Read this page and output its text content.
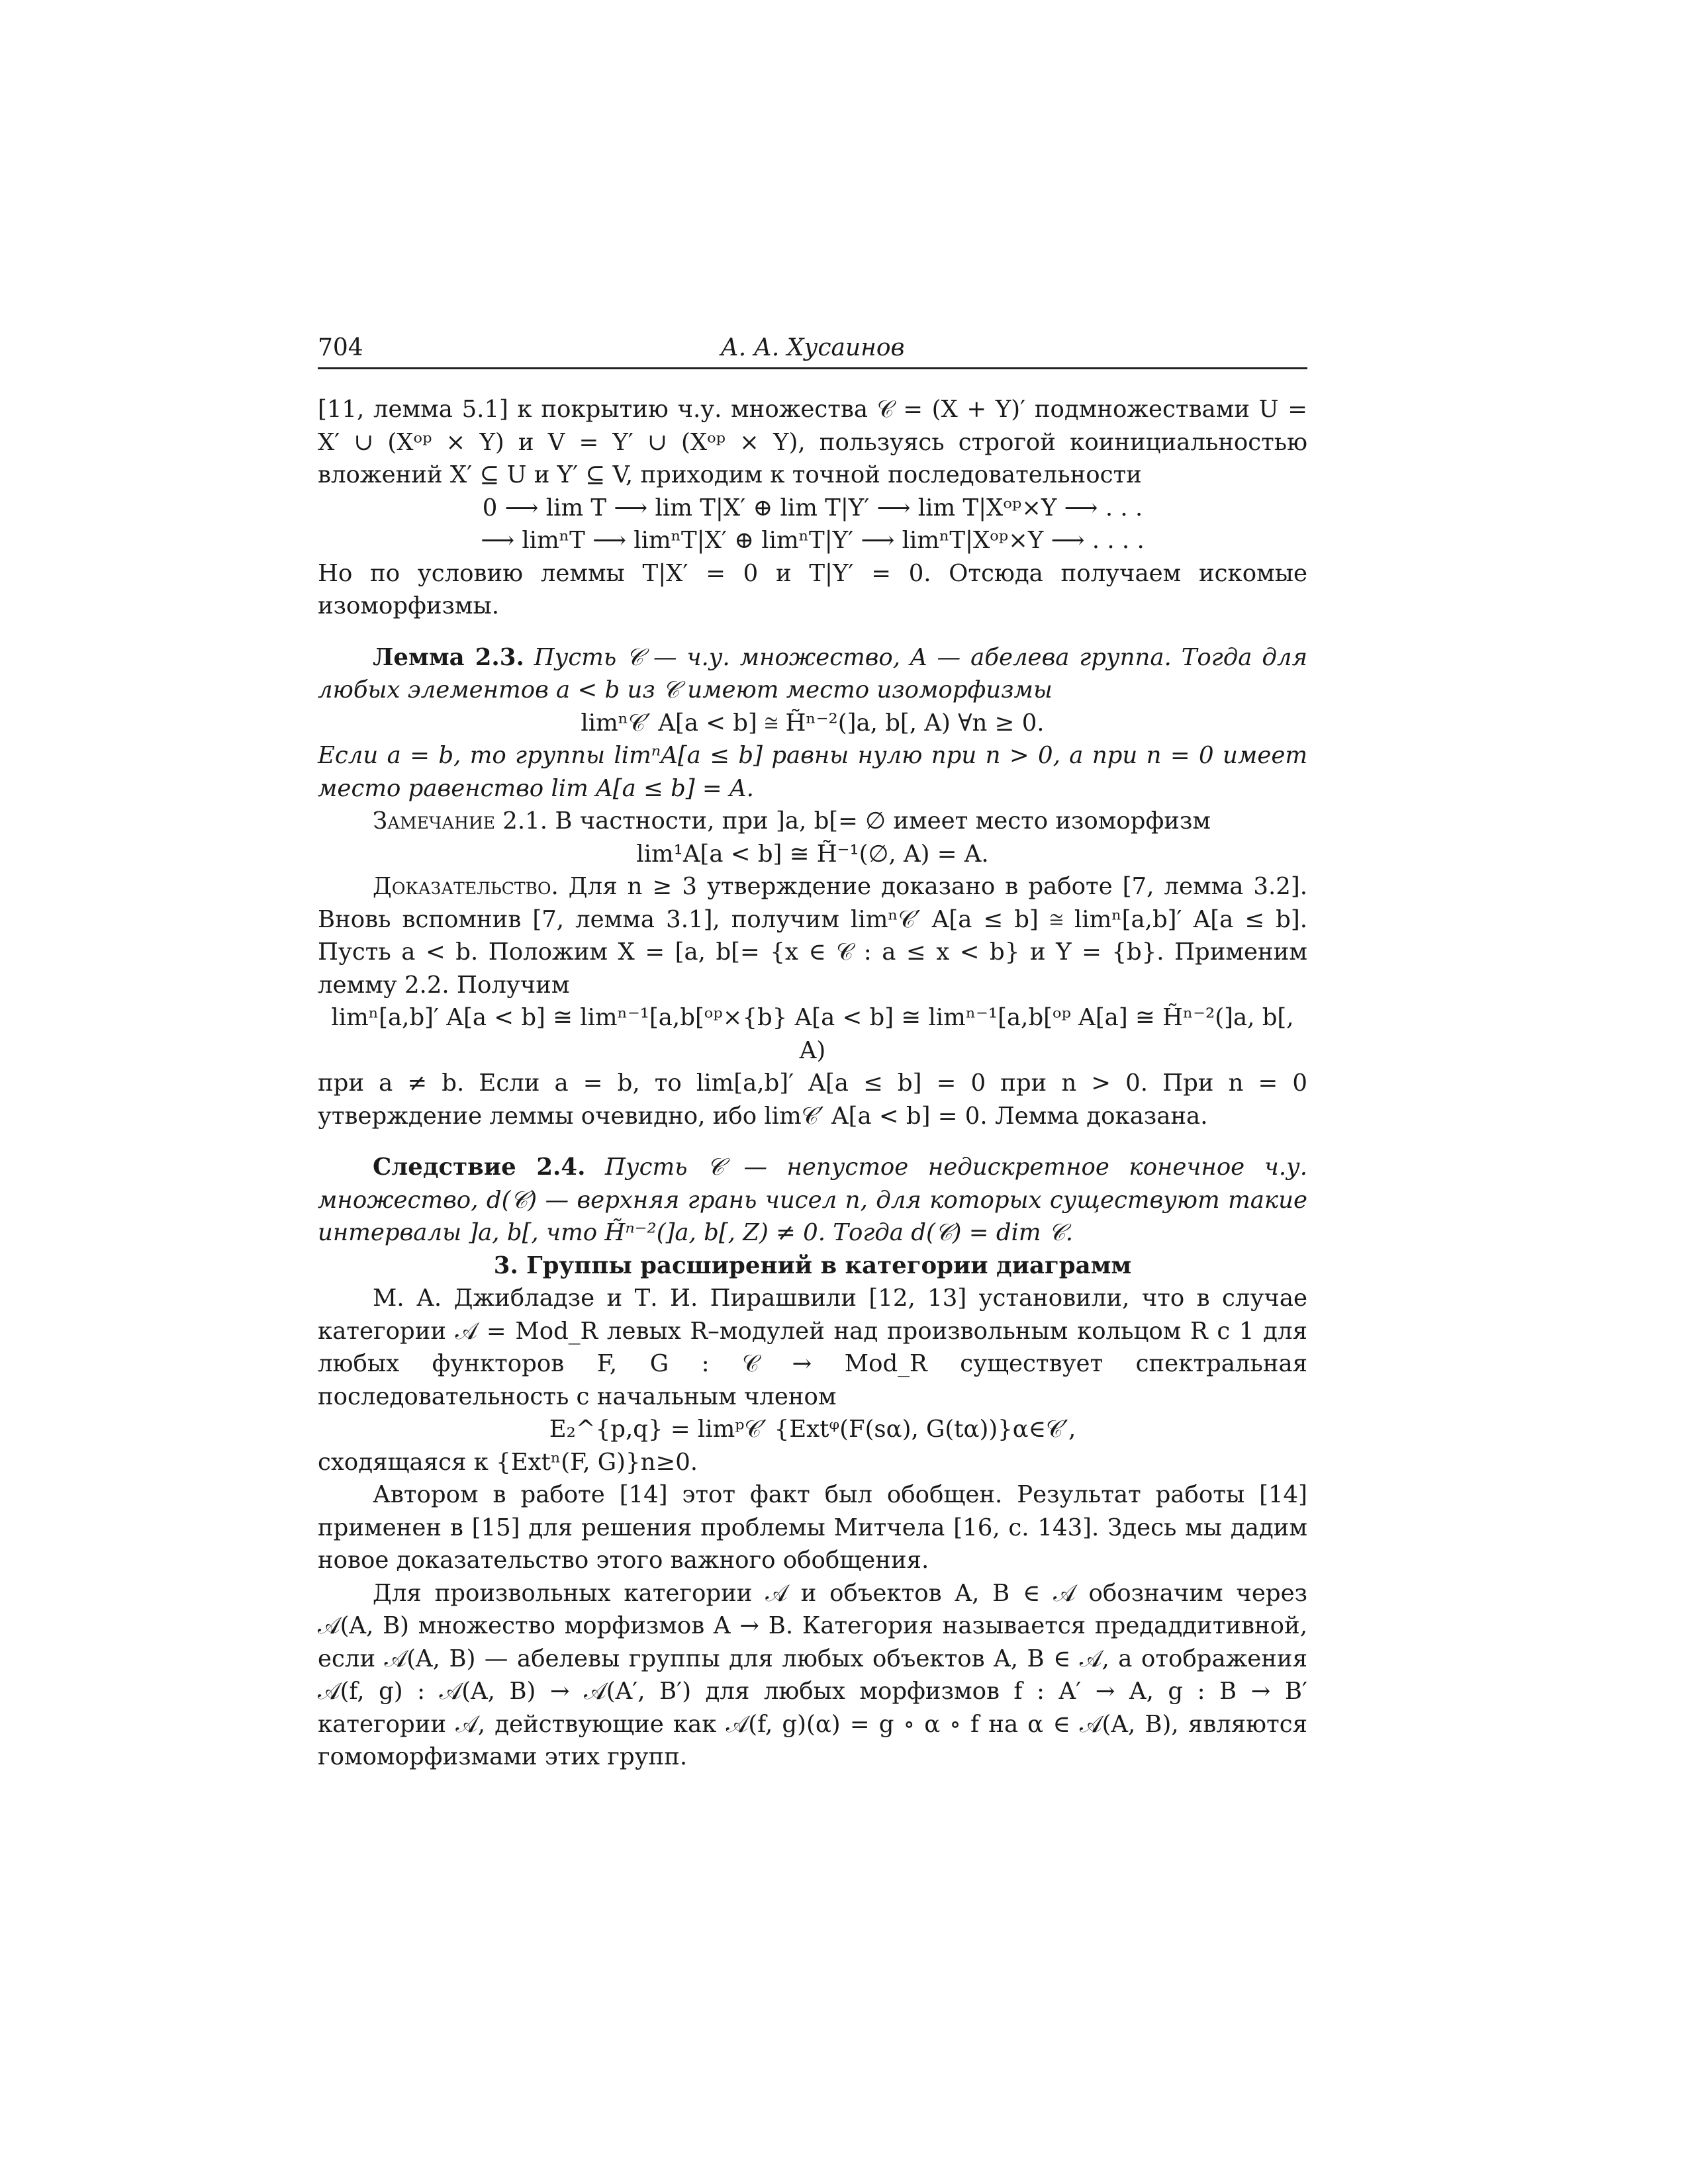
704	А. А. Хусаинов

[11, лемма 5.1] к покрытию ч.у. множества 𝒞 = (X + Y)′ подмножествами U = X′ ∪ (Xᵒᵖ × Y) и V = Y′ ∪ (Xᵒᵖ × Y), пользуясь строгой коинициальностью вложений X′ ⊆ U и Y′ ⊆ V, приходим к точной последовательности

0 ⟶ lim T ⟶ lim T|X′ ⊕ lim T|Y′ ⟶ lim T|Xᵒᵖ×Y ⟶ . . .

⟶ limⁿT ⟶ limⁿT|X′ ⊕ limⁿT|Y′ ⟶ limⁿT|Xᵒᵖ×Y ⟶ . . . .

Но по условию леммы T|X′ = 0 и T|Y′ = 0. Отсюда получаем искомые изоморфизмы.

Лемма 2.3. Пусть 𝒞 — ч.у. множество, A — абелева группа. Тогда для любых элементов a < b из 𝒞 имеют место изоморфизмы

limⁿ𝒞′ A[a < b] ≅ H̃ⁿ⁻²(]a, b[, A) ∀n ≥ 0.

Если a = b, то группы limⁿA[a ≤ b] равны нулю при n > 0, а при n = 0 имеет место равенство lim A[a ≤ b] = A.

Замечание 2.1. В частности, при ]a, b[= ∅ имеет место изоморфизм

lim¹A[a < b] ≅ H̃⁻¹(∅, A) = A.

Доказательство. Для n ≥ 3 утверждение доказано в работе [7, лемма 3.2]. Вновь вспомнив [7, лемма 3.1], получим limⁿ𝒞′ A[a ≤ b] ≅ limⁿ[a,b]′ A[a ≤ b]. Пусть a < b. Положим X = [a, b[= {x ∈ 𝒞 : a ≤ x < b} и Y = {b}. Применим лемму 2.2. Получим

limⁿ[a,b]′ A[a < b] ≅ limⁿ⁻¹[a,b[ᵒᵖ×{b} A[a < b] ≅ limⁿ⁻¹[a,b[ᵒᵖ A[a] ≅ H̃ⁿ⁻²(]a, b[, A)

при a ≠ b. Если a = b, то lim[a,b]′ A[a ≤ b] = 0 при n > 0. При n = 0 утверждение леммы очевидно, ибо lim𝒞′ A[a < b] = 0. Лемма доказана.

Следствие 2.4. Пусть 𝒞 — непустое недискретное конечное ч.у. множество, d(𝒞) — верхняя грань чисел n, для которых существуют такие интервалы ]a, b[, что H̃ⁿ⁻²(]a, b[, Z) ≠ 0. Тогда d(𝒞) = dim 𝒞.

3. Группы расширений в категории диаграмм

М. А. Джибладзе и Т. И. Пирашвили [12, 13] установили, что в случае категории 𝒜 = Mod_R левых R–модулей над произвольным кольцом R с 1 для любых функторов F, G : 𝒞 → Mod_R существует спектральная последовательность с начальным членом

E₂^{p,q} = limᵖ𝒞′ {Extᵠ(F(sα), G(tα))}α∈𝒞′,

сходящаяся к {Extⁿ(F, G)}n≥0.

Автором в работе [14] этот факт был обобщен. Результат работы [14] применен в [15] для решения проблемы Митчела [16, с. 143]. Здесь мы дадим новое доказательство этого важного обобщения.

Для произвольных категории 𝒜 и объектов A, B ∈ 𝒜 обозначим через 𝒜(A, B) множество морфизмов A → B. Категория называется предаддитивной, если 𝒜(A, B) — абелевы группы для любых объектов A, B ∈ 𝒜, а отображения 𝒜(f, g) : 𝒜(A, B) → 𝒜(A′, B′) для любых морфизмов f : A′ → A, g : B → B′ категории 𝒜, действующие как 𝒜(f, g)(α) = g ∘ α ∘ f на α ∈ 𝒜(A, B), являются гомоморфизмами этих групп.
